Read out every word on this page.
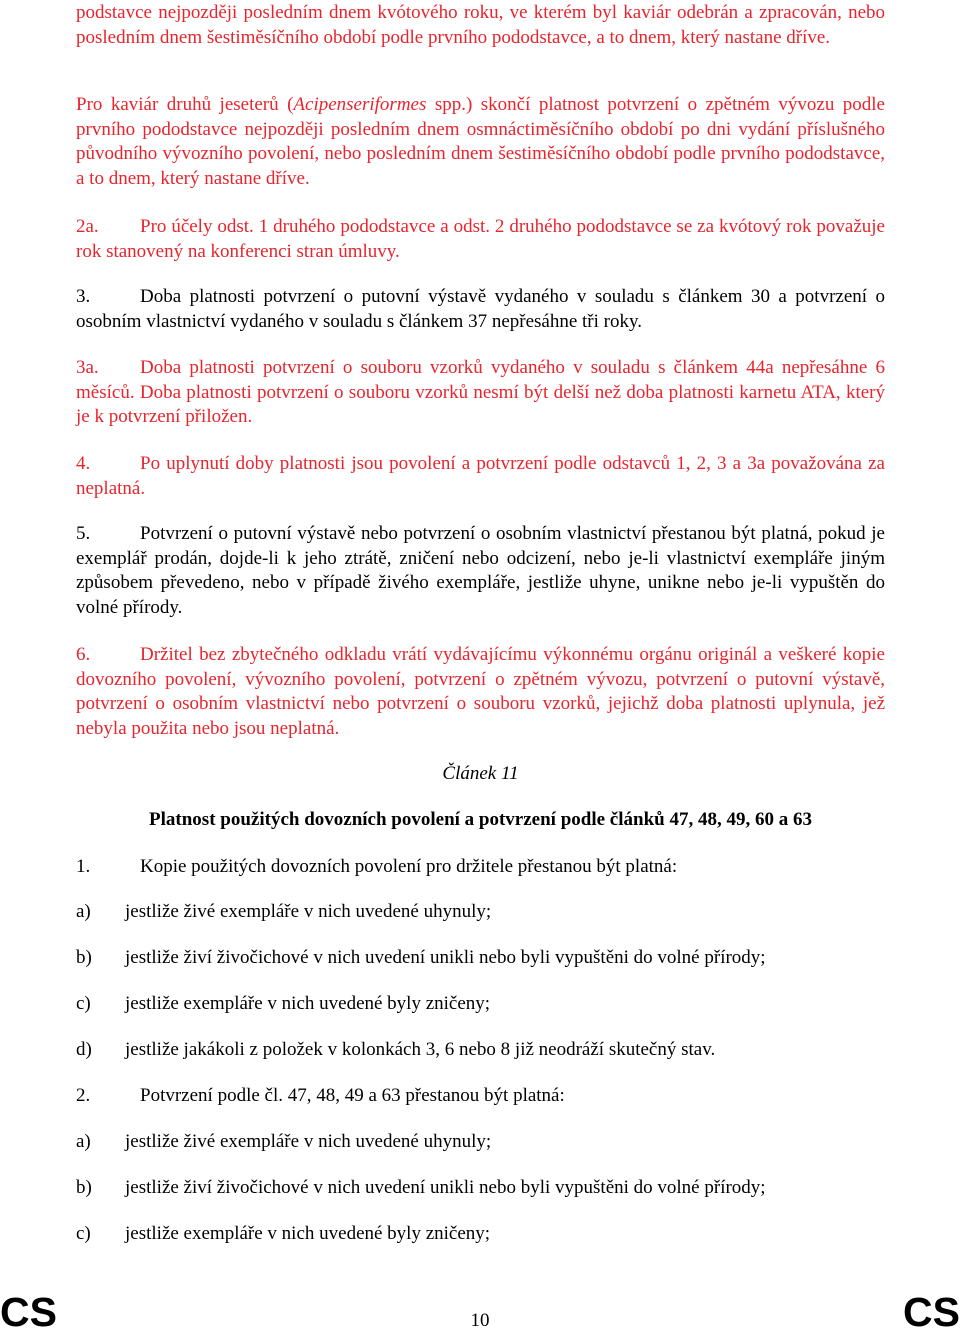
podstavce nejpozději posledním dnem kvótového roku, ve kterém byl kaviár odebrán a zpracován, nebo posledním dnem šestiměsíčního období podle prvního pododstavce, a to dnem, který nastane dříve.
Pro kaviár druhů jeseterů (Acipenseriformes spp.) skončí platnost potvrzení o zpětném vývozu podle prvního pododstavce nejpozději posledním dnem osmnáctiměsíčního období po dni vydání příslušného původního vývozního povolení, nebo posledním dnem šestiměsíčního období podle prvního pododstavce, a to dnem, který nastane dříve.
2a. Pro účely odst. 1 druhého pododstavce a odst. 2 druhého pododstavce se za kvótový rok považuje rok stanovený na konferenci stran úmluvy.
3.	Doba platnosti potvrzení o putovní výstavě vydaného v souladu s článkem 30 a potvrzení o osobním vlastnictví vydaného v souladu s článkem 37 nepřesáhne tři roky.
3a. Doba platnosti potvrzení o souboru vzorků vydaného v souladu s článkem 44a nepřesáhne 6 měsíců. Doba platnosti potvrzení o souboru vzorků nesmí být delší než doba platnosti karnetu ATA, který je k potvrzení přiložen.
4.	Po uplynutí doby platnosti jsou povolení a potvrzení podle odstavců 1, 2, 3 a 3a považována za neplatná.
5.	Potvrzení o putovní výstavě nebo potvrzení o osobním vlastnictví přestanou být platná, pokud je exemplář prodán, dojde-li k jeho ztrátě, zničení nebo odcizení, nebo je-li vlastnictví exempláře jiným způsobem převedeno, nebo v případě živého exempláře, jestliže uhyne, unikne nebo je-li vypuštěn do volné přírody.
6.	Držitel bez zbytečného odkladu vrátí vydávajícímu výkonnému orgánu originál a veškeré kopie dovozního povolení, vývozního povolení, potvrzení o zpětném vývozu, potvrzení o putovní výstavě, potvrzení o osobním vlastnictví nebo potvrzení o souboru vzorků, jejichž doba platnosti uplynula, jež nebyla použita nebo jsou neplatná.
Článek 11
Platnost použitých dovozních povolení a potvrzení podle článků 47, 48, 49, 60 a 63
1.	Kopie použitých dovozních povolení pro držitele přestanou být platná:
a)	jestliže živé exempláře v nich uvedené uhynuly;
b)	jestliže živí živočichové v nich uvedení unikli nebo byli vypuštěni do volné přírody;
c)	jestliže exempláře v nich uvedené byly zničeny;
d)	jestliže jakákoli z položek v kolonkách 3, 6 nebo 8 již neodráží skutečný stav.
2.	Potvrzení podle čl. 47, 48, 49 a 63 přestanou být platná:
a)	jestliže živé exempláře v nich uvedené uhynuly;
b)	jestliže živí živočichové v nich uvedení unikli nebo byli vypuštěni do volné přírody;
c)	jestliže exempláře v nich uvedené byly zničeny;
CS	10	CS
